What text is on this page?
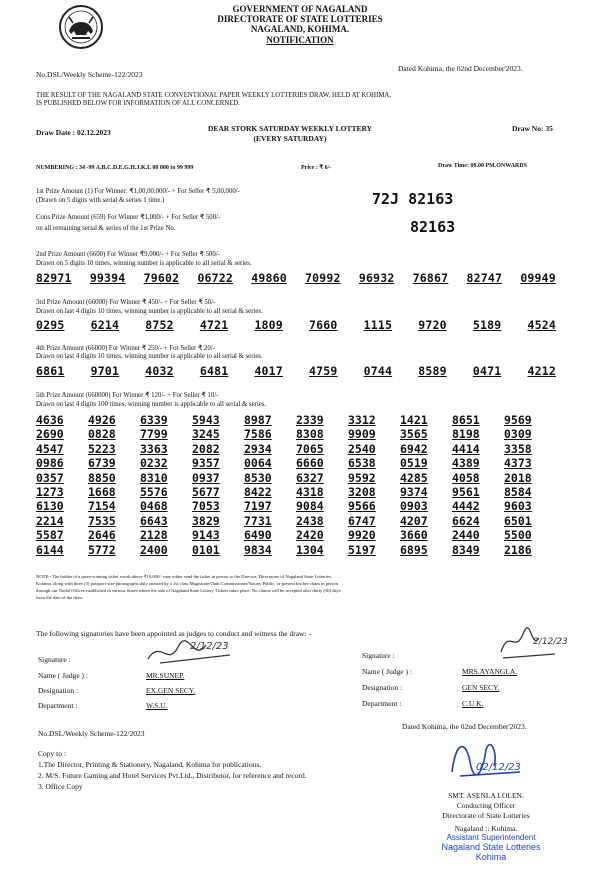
GOVERNMENT OF NAGALAND
DIRECTORATE OF STATE LOTTERIES
NAGALAND, KOHIMA.
NOTIFICATION
No.DSL/Weekly Scheme-122/2023
Dated Kohima, the 02nd December'2023.
THE RESULT OF THE NAGALAND STATE CONVENTIONAL PAPER WEEKLY LOTTERIES DRAW, HELD AT KOHIMA,
IS PUBLISHED BELOW FOR INFORMATION OF ALL CONCERNED.
Draw Date : 02.12.2023	DEAR STORK SATURDAY WEEKLY LOTTERY
(EVERY SATURDAY)
Draw No: 35
NUMBERING : 34 -99 A.B.C.D.E.G.H.J.K.L 00 000 to 99 999	Price : ₹ 6/-	Draw Time: 08.00 PM.ONWARDS
1st Prize Amount (1) For Winner: ₹1,00,00,000/- + For Seller ₹ 5,00,000/-
(Drawn on 5 digits with serial & series 1 time.)	72J 82163
Cons Prize Amount (659) For Winner ₹1,000/- + For Seller ₹ 500/-
on all remaining serial & series of the 1st Prize No.	82163
2nd Prize Amount (6600) For Winner ₹9,000/- + For Seller ₹ 500/-
Drawn on 5 digits 10 times, winning number is applicable to all serial & series.
82971 99394 79602 06722 49860 70992 96932 76867 82747 09949
3rd Prize Amount (66000) For Winner ₹ 450/- + For Seller ₹ 50/-
Drawn on last 4 digits 10 times, winning number is applicable to all serial & series.
0295 6214 8752 4721 1809 7660 1115 9720 5189 4524
4th Prize Amount (66000) For Winner ₹ 250/- + For Seller ₹ 20/-
Drawn on last 4 digits 10 times, winning number is applicable to all serial & series.
6861 9701 4032 6481 4017 4759 0744 8589 0471 4212
5th Prize Amount (660000) For Winner ₹ 120/- + For Seller ₹ 10/-
Drawn on last 4 digits 100 times, winning number is applicable to all serial & series.
4636	4926	6339	5943	8987	2339	3312	1421	8651	9569
2690	0828	7799	3245	7586	8308	9909	3565	8198	0309
4547	5223	3363	2082	2934	7065	2540	6942	4414	3358
0986	6739	0232	9357	0064	6660	6538	0519	4389	4373
0357	8850	8310	0937	8530	6327	9592	4285	4058	2018
1273	1668	5576	5677	8422	4318	3208	9374	9561	8584
6130	7154	0468	7053	7197	9084	9566	0903	4442	9603
2214	7535	6643	3829	7731	2438	6747	4207	6624	6501
5587	2646	2128	9143	6490	2420	9920	3660	2440	5500
6144	5772	2400	0101	9834	1304	5197	6895	8349	2186
NOTE:- The holder of a prize-winning ticket worth above ₹10,000/- may either send the ticket in person to the Director, Directorate of Nagaland State Lotteries,
Kohima, along with three (3) passport-size photographs duly attested by a 1st class Magistrate/Oath Commissioner/Notary Public, or present his/her claim in person
through our Nodal Offices established in various States where the sale of Nagaland State Lottery Tickets takes place. No claims will be accepted after thirty (30) days
from the date of the draw.
The following signatories have been appointed as judges to conduct and witness the draw: -
2/12/23	2/12/23
Signature :
Name ( Judge ) :	MR.SUNEP.
Designation :	EX.GEN SECY.
Department :	W.S.U.
Signature :
Name ( Judge ) :	MRS.AYANGLA.
Designation :	GEN SECY.
Department :	C.U.K.
No.DSL/Weekly Scheme-122/2023
Dated Kohima, the 02nd December'2023.
Copy to :
1.The Director, Printing & Stationery, Nagaland, Kohima for publications.
2. M/S. Future Gaming and Hotel Services Pvt.Ltd., Distributor, for reference and record.
3. Office Copy
02/12/23
SMT. ASENLA LOLEN.
Conducting Officer
Directorate of State Lotteries
Nagaland :: Kohima.
Assistant Superintendent
Nagaland State Lotteries
Kohima
